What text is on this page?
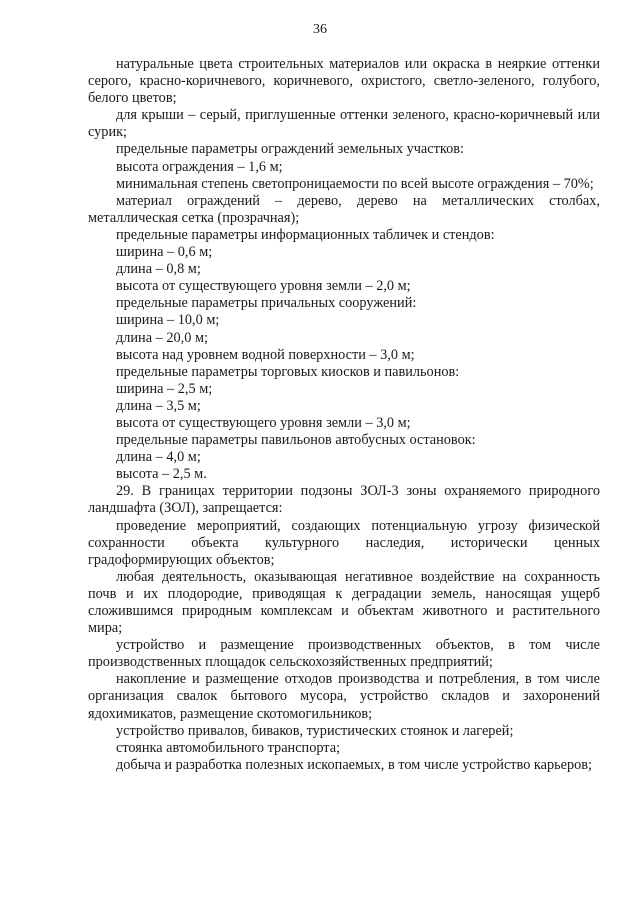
36

натуральные цвета строительных материалов или окраска в неяркие оттенки серого, красно-коричневого, коричневого, охристого, светло-зеленого, голубого, белого цветов;

для крыши – серый, приглушенные оттенки зеленого, красно-коричневый или сурик;

предельные параметры ограждений земельных участков:

высота ограждения – 1,6 м;

минимальная степень светопроницаемости по всей высоте ограждения – 70%;

материал ограждений – дерево, дерево на металлических столбах, металлическая сетка (прозрачная);

предельные параметры информационных табличек и стендов:

ширина – 0,6 м;

длина – 0,8 м;

высота от существующего уровня земли – 2,0 м;

предельные параметры причальных сооружений:

ширина – 10,0 м;

длина – 20,0 м;

высота над уровнем водной поверхности – 3,0 м;

предельные параметры торговых киосков и павильонов:

ширина – 2,5 м;

длина – 3,5 м;

высота от существующего уровня земли – 3,0 м;

предельные параметры павильонов автобусных остановок:

длина – 4,0 м;

высота – 2,5 м.

29. В границах территории подзоны ЗОЛ-3 зоны охраняемого природного ландшафта (ЗОЛ), запрещается:

проведение мероприятий, создающих потенциальную угрозу физической сохранности объекта культурного наследия, исторически ценных градоформирующих объектов;

любая деятельность, оказывающая негативное воздействие на сохранность почв и их плодородие, приводящая к деградации земель, наносящая ущерб сложившимся природным комплексам и объектам животного и растительного мира;

устройство и размещение производственных объектов, в том числе производственных площадок сельскохозяйственных предприятий;

накопление и размещение отходов производства и потребления, в том числе организация свалок бытового мусора, устройство складов и захоронений ядохимикатов, размещение скотомогильников;

устройство привалов, биваков, туристических стоянок и лагерей;

стоянка автомобильного транспорта;

добыча и разработка полезных ископаемых, в том числе устройство карьеров;
